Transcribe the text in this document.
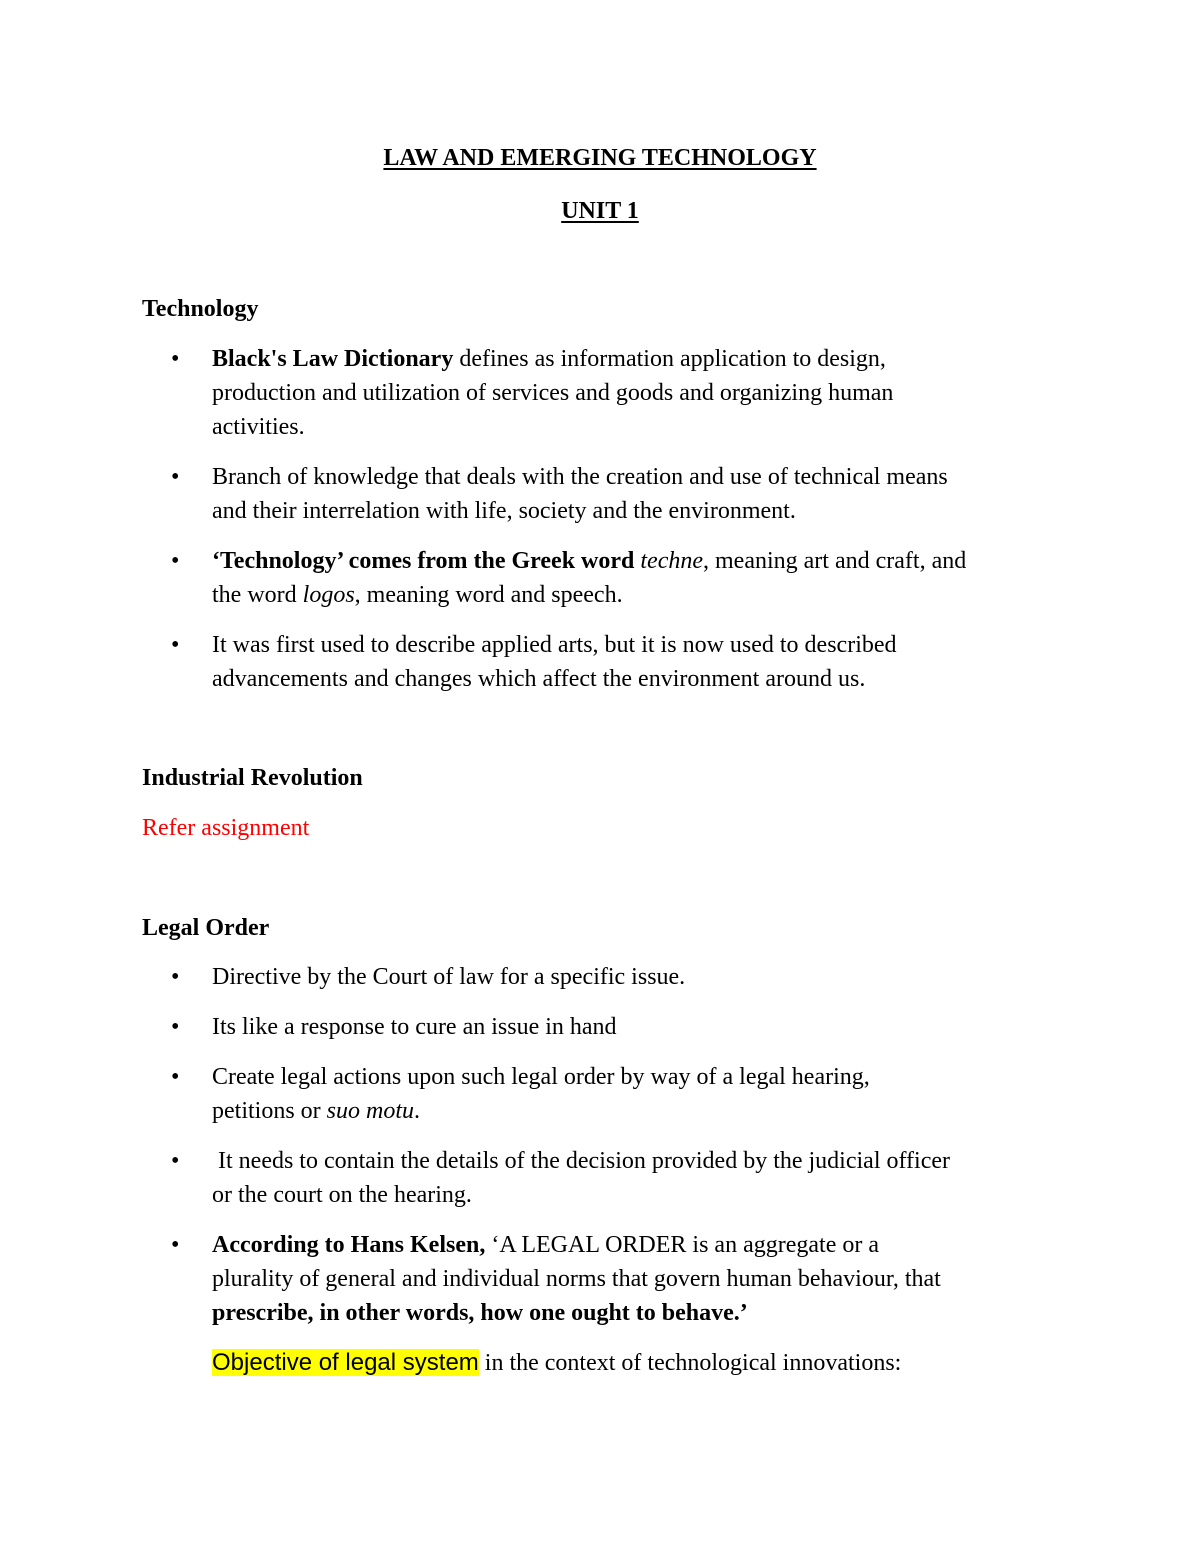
LAW AND EMERGING TECHNOLOGY
UNIT 1
Technology
• Black's Law Dictionary defines as information application to design,
production and utilization of services and goods and organizing human
activities.
• Branch of knowledge that deals with the creation and use of technical means
and their interrelation with life, society and the environment.
• ‘Technology’ comes from the Greek word techne, meaning art and craft, and
the word logos, meaning word and speech.
• It was first used to describe applied arts, but it is now used to described
advancements and changes which affect the environment around us.
Industrial Revolution
Refer assignment
Legal Order
• Directive by the Court of law for a specific issue.
• Its like a response to cure an issue in hand
• Create legal actions upon such legal order by way of a legal hearing,
petitions or suo motu.
• It needs to contain the details of the decision provided by the judicial officer
or the court on the hearing.
• According to Hans Kelsen, ‘A LEGAL ORDER is an aggregate or a
plurality of general and individual norms that govern human behaviour, that
prescribe, in other words, how one ought to behave.’
Objective of legal system in the context of technological innovations:
